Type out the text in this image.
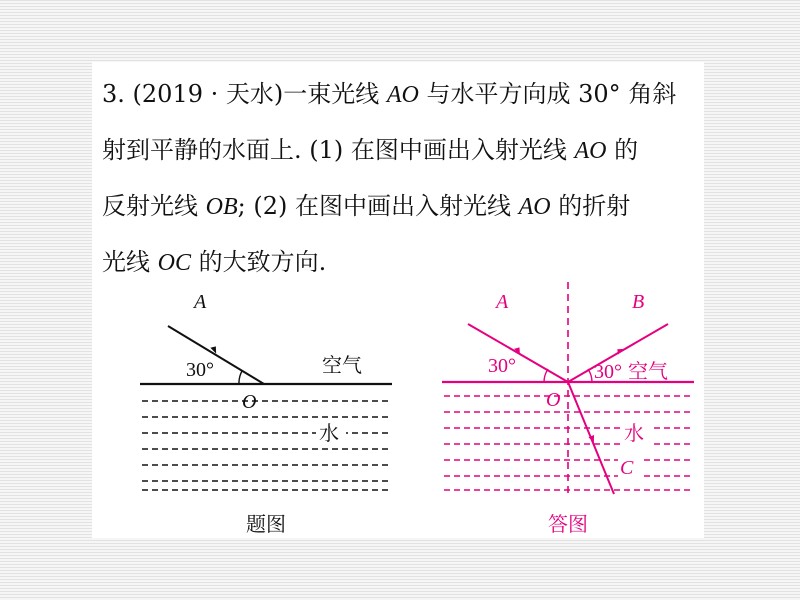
3. (2019 · 天水)一束光线 AO 与水平方向成 30° 角斜
射到平静的水面上. (1) 在图中画出入射光线 AO 的
反射光线 OB; (2) 在图中画出入射光线 AO 的折射
光线 OC 的大致方向.
A
30°
O
空气
水
题图
A	B
30°	30° 空气
O
水
C
答图
